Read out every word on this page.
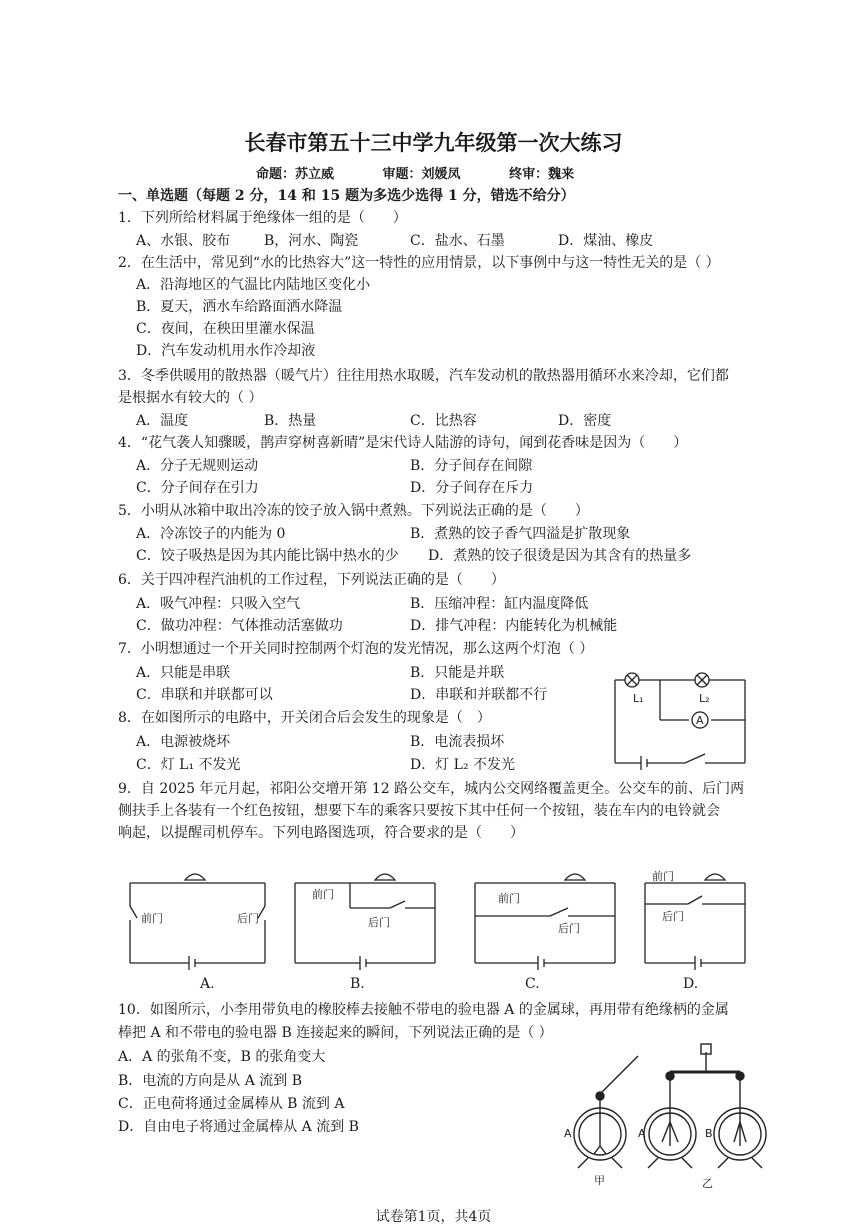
长春市第五十三中学九年级第一次大练习
命题：苏立威	审题：刘媛凤	终审：魏来
一、单选题（每题 2 分，14 和 15 题为多选少选得 1 分，错选不给分）
1．下列所给材料属于绝缘体一组的是（　　）
A、水银、胶布 B，河水、陶瓷	C．盐水、石墨	D．煤油、橡皮
2．在生活中，常见到“水的比热容大”这一特性的应用情景，以下事例中与这一特性无关的是（ ）
A．沿海地区的气温比内陆地区变化小
B．夏天，洒水车给路面洒水降温
C．夜间，在秧田里灌水保温
D．汽车发动机用水作冷却液
3．冬季供暖用的散热器（暖气片）往往用热水取暖，汽车发动机的散热器用循环水来冷却，它们都
是根据水有较大的（ ）
A．温度	B．热量	C．比热容	D．密度
4．“花气袭人知骤暖，鹊声穿树喜新晴”是宋代诗人陆游的诗句，闻到花香味是因为（　　）
A．分子无规则运动	B．分子间存在间隙
C．分子间存在引力	D．分子间存在斥力
5．小明从冰箱中取出冷冻的饺子放入锅中煮熟。下列说法正确的是（　　）
A．冷冻饺子的内能为 0	B．煮熟的饺子香气四溢是扩散现象
C．饺子吸热是因为其内能比锅中热水的少 D．煮熟的饺子很烫是因为其含有的热量多
6．关于四冲程汽油机的工作过程，下列说法正确的是（　　）
A．吸气冲程：只吸入空气	B．压缩冲程：缸内温度降低
C．做功冲程：气体推动活塞做功	D．排气冲程：内能转化为机械能
7．小明想通过一个开关同时控制两个灯泡的发光情况，那么这两个灯泡（ ）
A．只能是串联	B．只能是并联
C．串联和并联都可以	D．串联和并联都不行
8．在如图所示的电路中，开关闭合后会发生的现象是（　）
A．电源被烧坏	B．电流表损坏
C．灯 L₁ 不发光	D．灯 L₂ 不发光
A
L₁	L₂
9．自 2025 年元月起，祁阳公交增开第 12 路公交车，城内公交网络覆盖更全。公交车的前、后门两
侧扶手上各装有一个红色按钮，想要下车的乘客只要按下其中任何一个按钮，装在车内的电铃就会
响起，以提醒司机停车。下列电路图选项，符合要求的是（　　）
前门	后门
A.
前门
后门
B.
前门
后门
C.
前门
后门
D.
10．如图所示，小李用带负电的橡胶棒去接触不带电的验电器 A 的金属球，再用带有绝缘柄的金属
棒把 A 和不带电的验电器 B 连接起来的瞬间，下列说法正确的是（ ）
A．A 的张角不变，B 的张角变大
B．电流的方向是从 A 流到 B
C．正电荷将通过金属棒从 B 流到 A
D．自由电子将通过金属棒从 A 流到 B	A
甲
A	B
乙
试卷第1页，共4页
